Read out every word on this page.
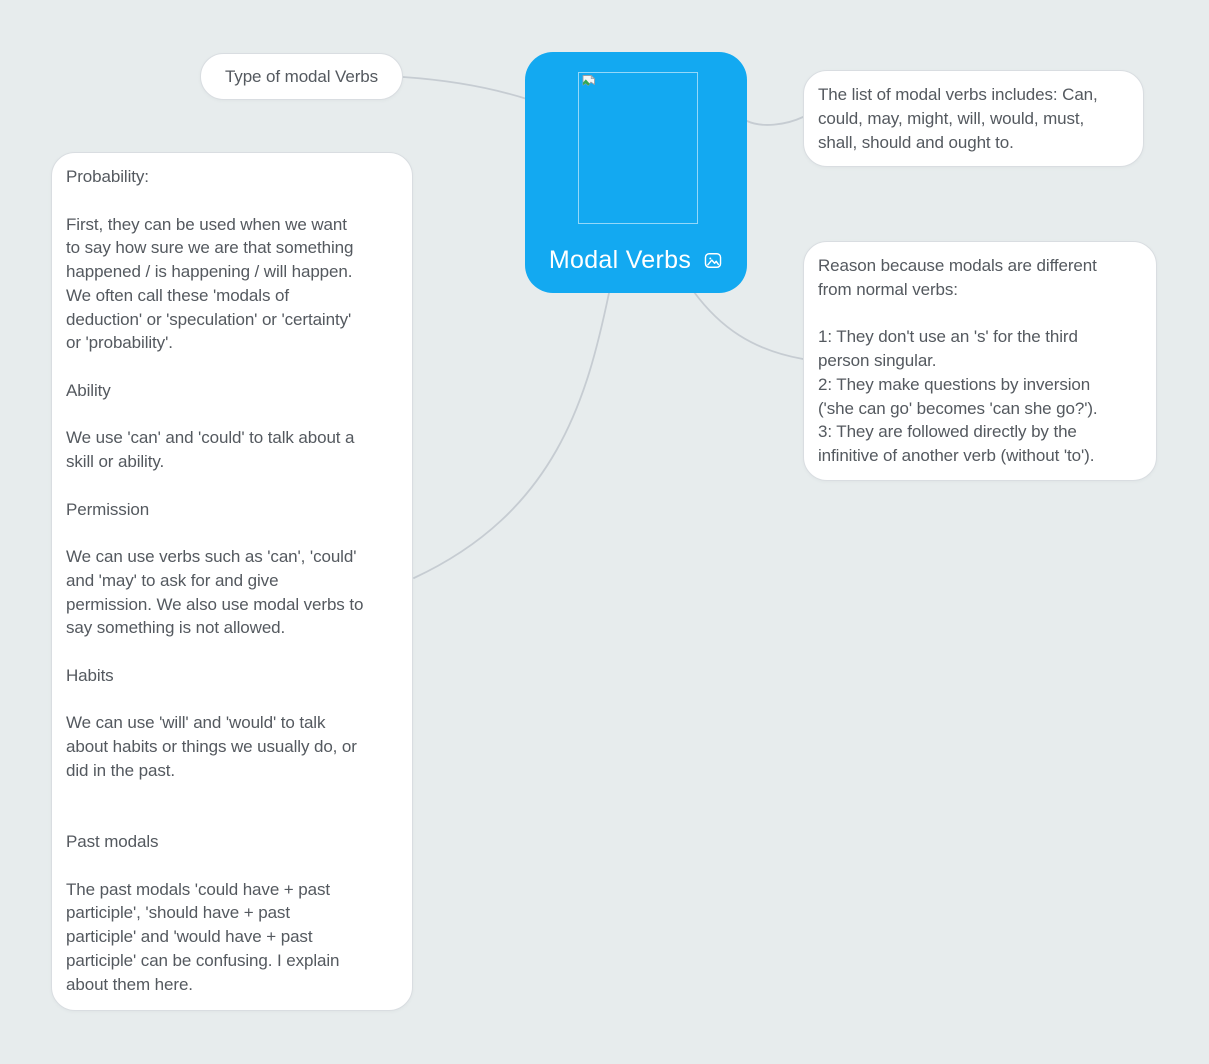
Type of modal Verbs
The list of modal verbs includes: Can,
could, may, might, will, would, must,
shall, should and ought to.
Reason because modals are different
from normal verbs:

1: They don't use an 's' for the third
person singular.
2: They make questions by inversion
('she can go' becomes 'can she go?').
3: They are followed directly by the
infinitive of another verb (without 'to').
Probability:

First, they can be used when we want
to say how sure we are that something
happened / is happening / will happen.
We often call these 'modals of
deduction' or 'speculation' or 'certainty'
or 'probability'.

Ability

We use 'can' and 'could' to talk about a
skill or ability.

Permission

We can use verbs such as 'can', 'could'
and 'may' to ask for and give
permission. We also use modal verbs to
say something is not allowed.

Habits

We can use 'will' and 'would' to talk
about habits or things we usually do, or
did in the past.

Past modals

The past modals 'could have + past
participle', 'should have + past
participle' and 'would have + past
participle' can be confusing. I explain
about them here.
Modal Verbs
